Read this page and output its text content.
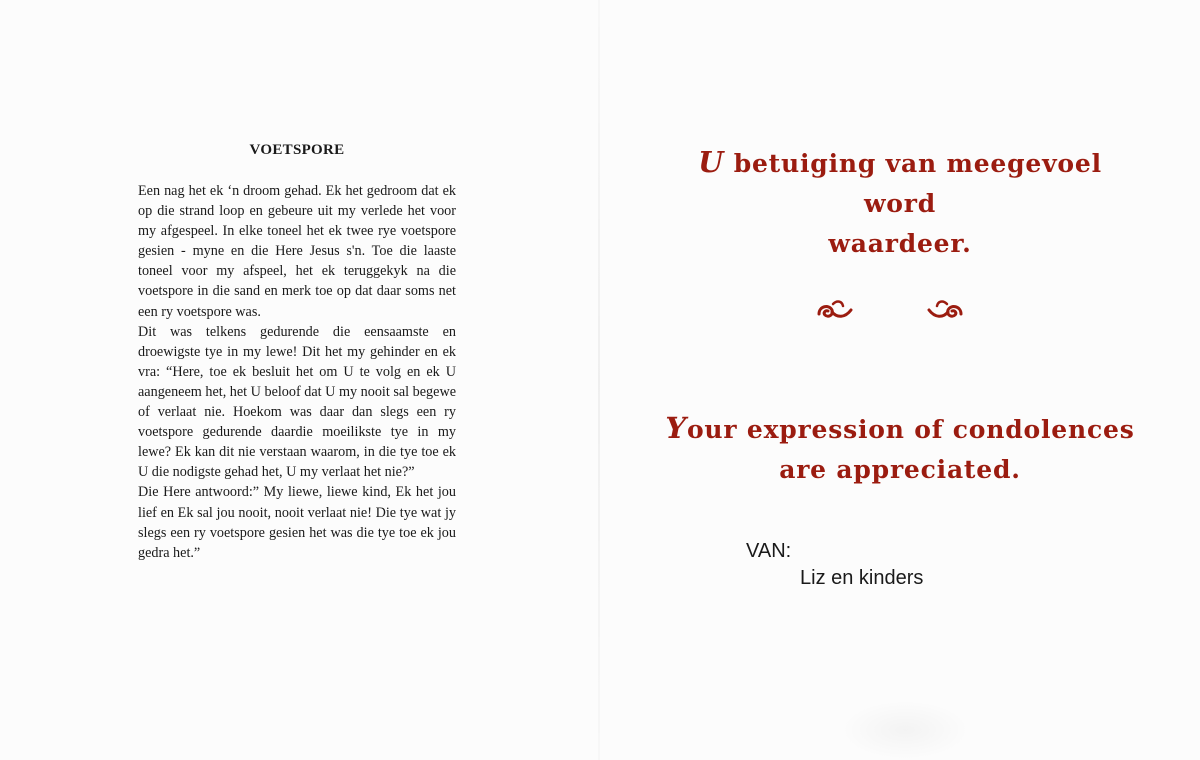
VOETSPORE

Een nag het ek ‘n droom gehad. Ek het gedroom dat ek op die strand loop en gebeure uit my verlede het voor my afgespeel. In elke toneel het ek twee rye voetspore gesien - myne en die Here Jesus s'n. Toe die laaste toneel voor my afspeel, het ek teruggekyk na die voetspore in die sand en merk toe op dat daar soms net een ry voetspore was.

Dit was telkens gedurende die eensaamste en droewigste tye in my lewe! Dit het my gehinder en ek vra: “Here, toe ek besluit het om U te volg en ek U aangeneem het, het U beloof dat U my nooit sal begewe of verlaat nie. Hoekom was daar dan slegs een ry voetspore gedurende daardie moeilikste tye in my lewe? Ek kan dit nie verstaan waarom, in die tye toe ek U die nodigste gehad het, U my verlaat het nie?”

Die Here antwoord:” My liewe, liewe kind, Ek het jou lief en Ek sal jou nooit, nooit verlaat nie! Die tye wat jy slegs een ry voetspore gesien het was die tye toe ek jou gedra het.”

U betuiging van meegevoel word
waardeer.
Your expression of condolences
are appreciated.
VAN:
Liz en kinders
